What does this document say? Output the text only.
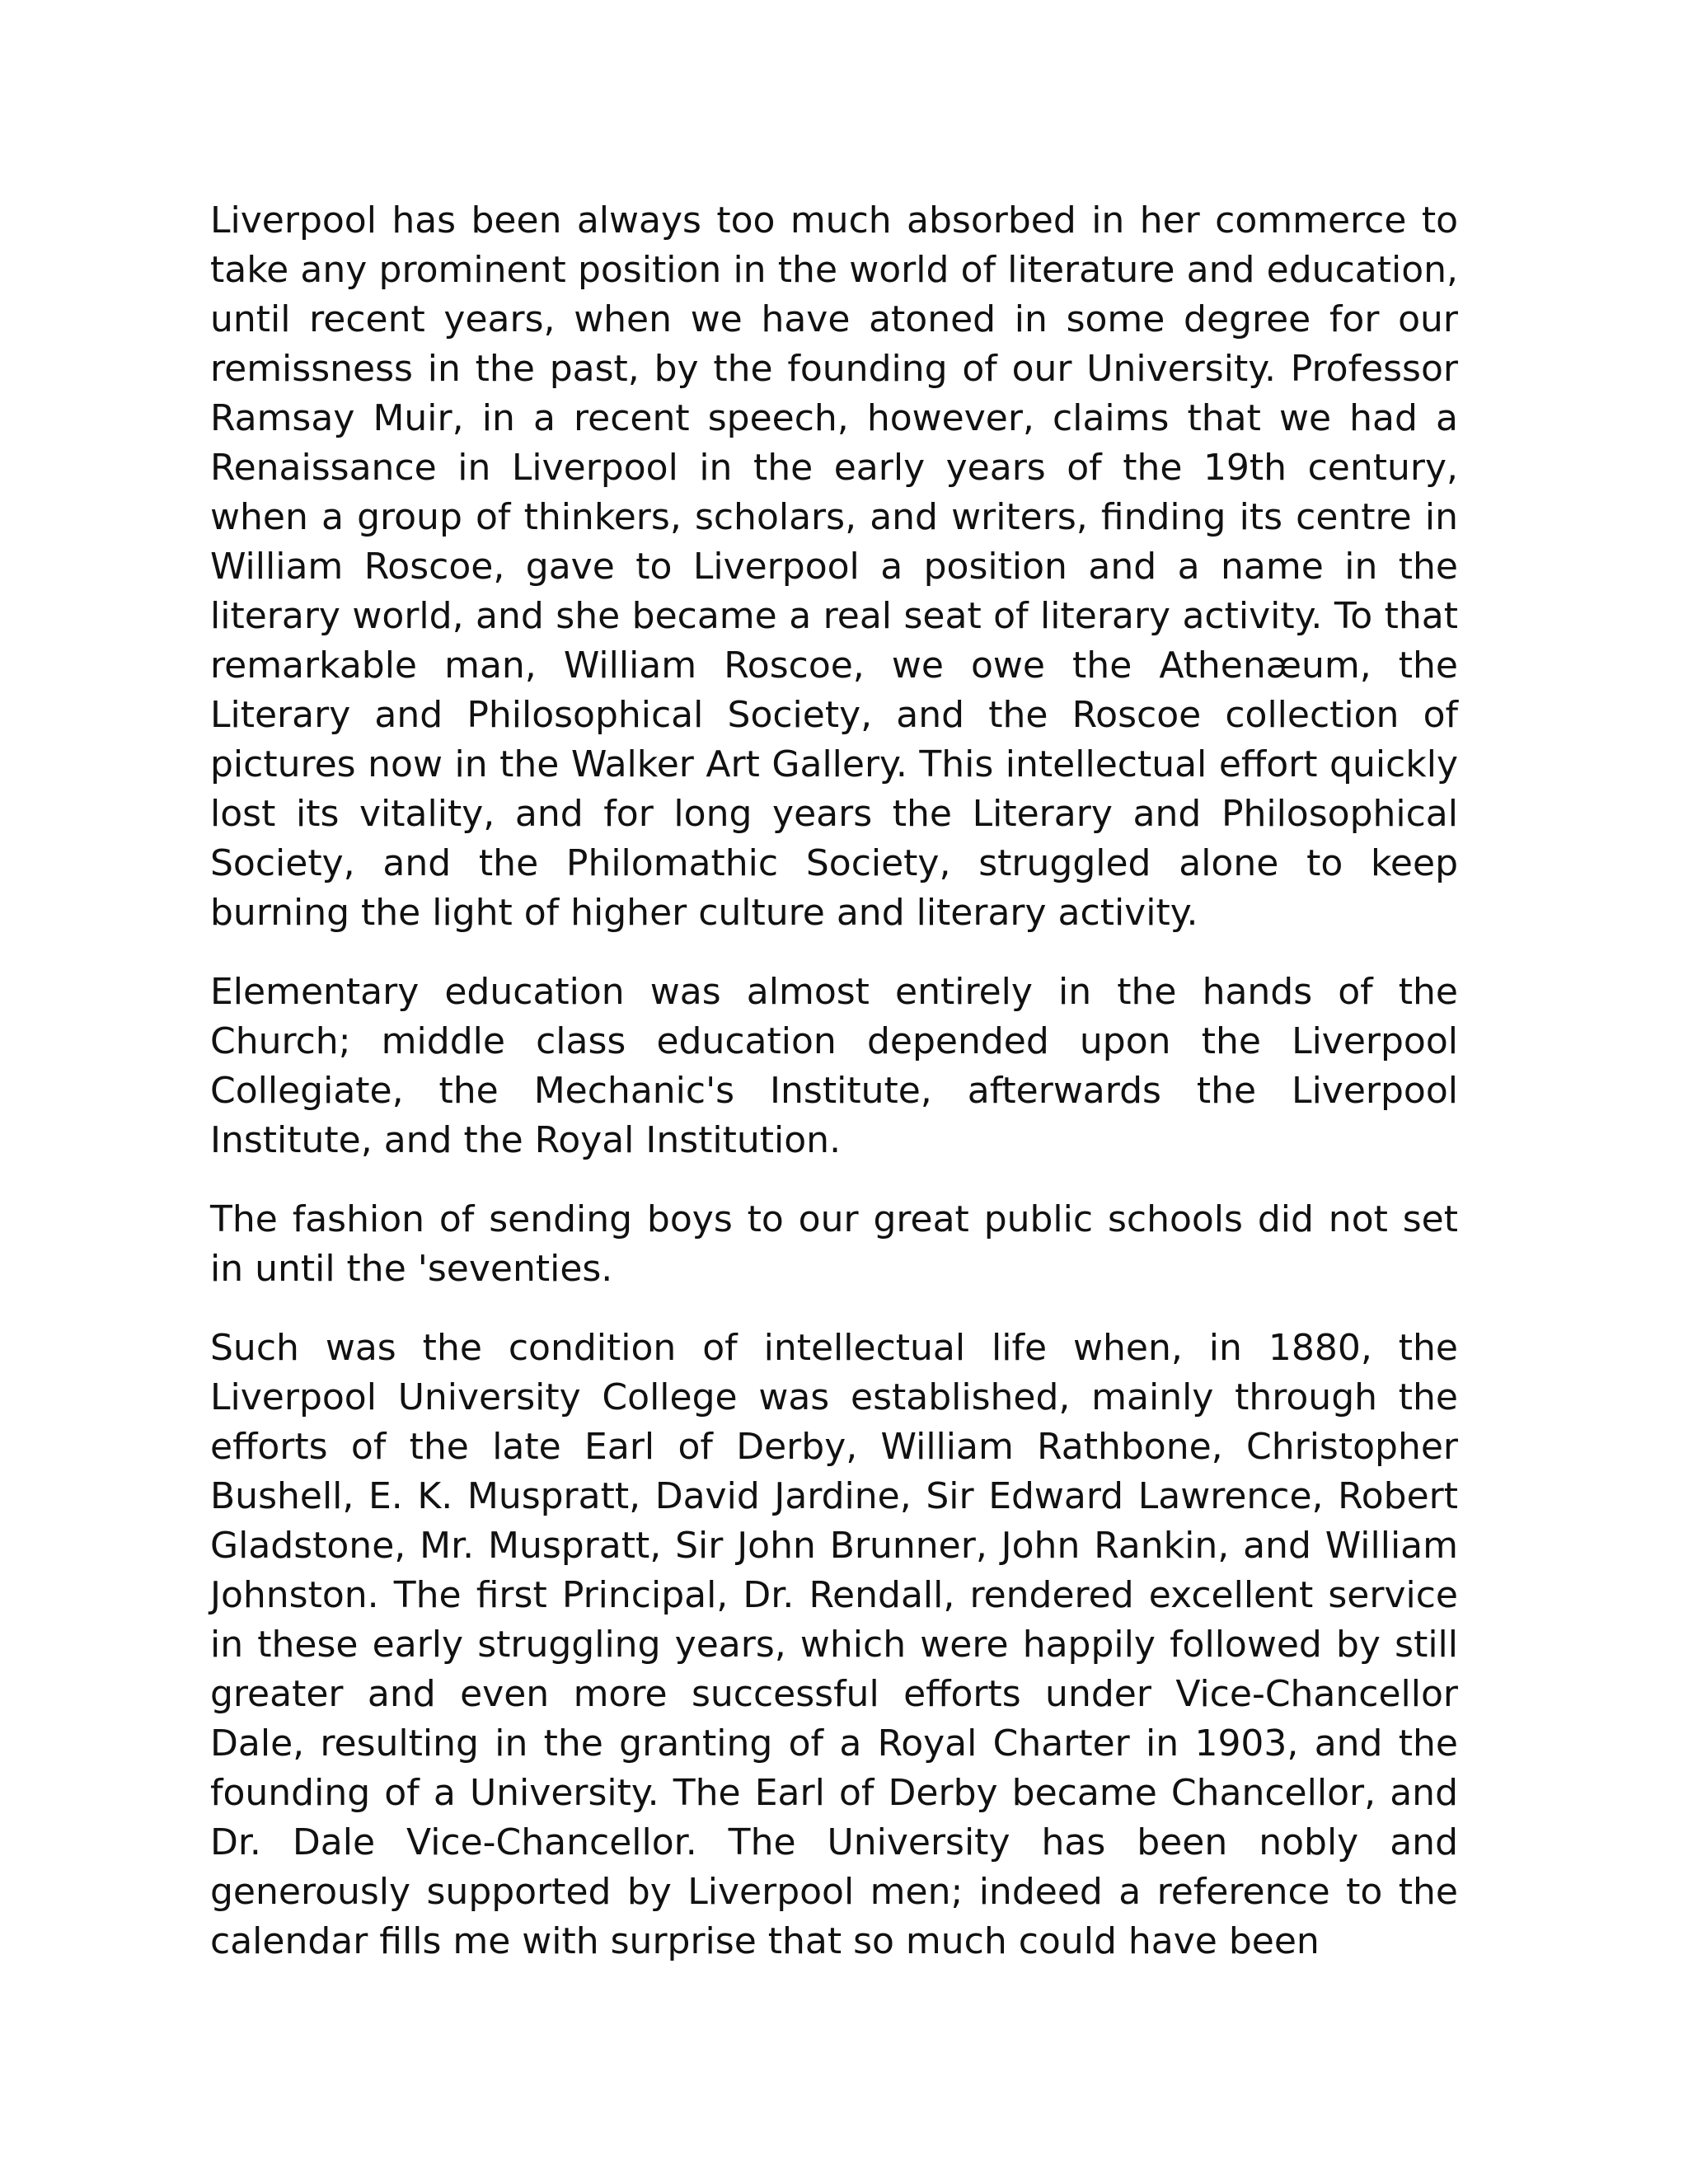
Liverpool has been always too much absorbed in her commerce to take any prominent position in the world of literature and education, until recent years, when we have atoned in some degree for our remissness in the past, by the founding of our University. Professor Ramsay Muir, in a recent speech, however, claims that we had a Renaissance in Liverpool in the early years of the 19th century, when a group of thinkers, scholars, and writers, finding its centre in William Roscoe, gave to Liverpool a position and a name in the literary world, and she became a real seat of literary activity. To that remarkable man, William Roscoe, we owe the Athenæum, the Literary and Philosophical Society, and the Roscoe collection of pictures now in the Walker Art Gallery. This intellectual effort quickly lost its vitality, and for long years the Literary and Philosophical Society, and the Philomathic Society, struggled alone to keep burning the light of higher culture and literary activity.

Elementary education was almost entirely in the hands of the Church; middle class education depended upon the Liverpool Collegiate, the Mechanic's Institute, afterwards the Liverpool Institute, and the Royal Institution.

The fashion of sending boys to our great public schools did not set in until the 'seventies.

Such was the condition of intellectual life when, in 1880, the Liverpool University College was established, mainly through the efforts of the late Earl of Derby, William Rathbone, Christopher Bushell, E. K. Muspratt, David Jardine, Sir Edward Lawrence, Robert Gladstone, Mr. Muspratt, Sir John Brunner, John Rankin, and William Johnston. The first Principal, Dr. Rendall, rendered excellent service in these early struggling years, which were happily followed by still greater and even more successful efforts under Vice-Chancellor Dale, resulting in the granting of a Royal Charter in 1903, and the founding of a University. The Earl of Derby became Chancellor, and Dr. Dale Vice-Chancellor. The University has been nobly and generously supported by Liverpool men; indeed a reference to the calendar fills me with surprise that so much could have been
